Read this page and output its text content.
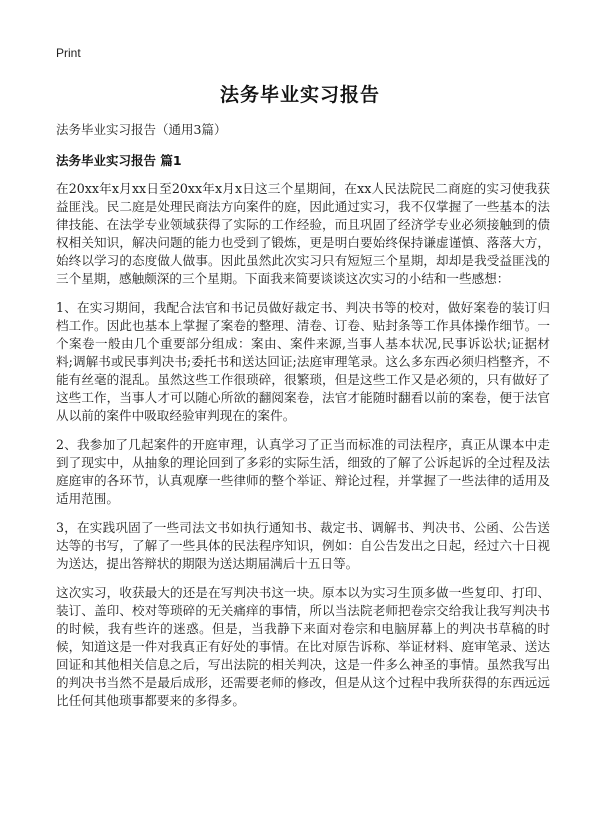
Print
法务毕业实习报告
法务毕业实习报告（通用3篇）
法务毕业实习报告 篇1

在20xx年x月xx日至20xx年x月x日这三个星期间，在xx人民法院民二商庭的实习使我获益匪浅。民二庭是处理民商法方向案件的庭，因此通过实习，我不仅掌握了一些基本的法律技能、在法学专业领域获得了实际的工作经验，而且巩固了经济学专业必须接触到的债权相关知识，解决问题的能力也受到了锻炼，更是明白要始终保持谦虚谨慎、落落大方，始终以学习的态度做人做事。因此虽然此次实习只有短短三个星期，却却是我受益匪浅的三个星期，感触颇深的三个星期。下面我来简要谈谈这次实习的小结和一些感想：

1、在实习期间，我配合法官和书记员做好裁定书、判决书等的校对，做好案卷的装订归档工作。因此也基本上掌握了案卷的整理、清卷、订卷、贴封条等工作具体操作细节。一个案卷一般由几个重要部分组成：案由、案件来源,当事人基本状况,民事诉讼状;证据材料;调解书或民事判决书;委托书和送达回证;法庭审理笔录。这么多东西必须归档整齐，不能有丝毫的混乱。虽然这些工作很琐碎，很繁琐，但是这些工作又是必须的，只有做好了这些工作，当事人才可以随心所欲的翻阅案卷，法官才能随时翻看以前的案卷，便于法官从以前的案件中吸取经验审判现在的案件。

2、我参加了几起案件的开庭审理，认真学习了正当而标准的司法程序，真正从课本中走到了现实中，从抽象的理论回到了多彩的实际生活，细致的了解了公诉起诉的全过程及法庭庭审的各环节，认真观摩一些律师的整个举证、辩论过程，并掌握了一些法律的适用及适用范围。

3，在实践巩固了一些司法文书如执行通知书、裁定书、调解书、判决书、公函、公告送达等的书写，了解了一些具体的民法程序知识，例如：自公告发出之日起，经过六十日视为送达，提出答辩状的期限为送达期届满后十五日等。

这次实习，收获最大的还是在写判决书这一块。原本以为实习生顶多做一些复印、打印、装订、盖印、校对等琐碎的无关痛痒的事情，所以当法院老师把卷宗交给我让我写判决书的时候，我有些许的迷惑。但是，当我静下来面对卷宗和电脑屏幕上的判决书草稿的时候，知道这是一件对我真正有好处的事情。在比对原告诉称、举证材料、庭审笔录、送达回证和其他相关信息之后，写出法院的相关判决，这是一件多么神圣的事情。虽然我写出的判决书当然不是最后成形，还需要老师的修改，但是从这个过程中我所获得的东西远远比任何其他琐事都要来的多得多。
